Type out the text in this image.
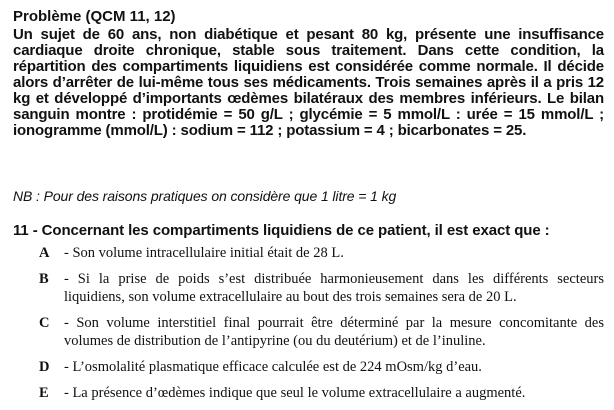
Problème (QCM 11, 12)
Un sujet de 60 ans, non diabétique et pesant 80 kg, présente une insuffisance cardiaque droite chronique, stable sous traitement. Dans cette condition, la répartition des compartiments liquidiens est considérée comme normale. Il décide alors d’arrêter de lui-même tous ses médicaments. Trois semaines après il a pris 12 kg et développé d’importants œdèmes bilatéraux des membres inférieurs. Le bilan sanguin montre : protidémie = 50 g/L ; glycémie = 5 mmol/L : urée = 15 mmol/L ; ionogramme (mmol/L) : sodium = 112 ; potassium = 4 ; bicarbonates = 25.
NB : Pour des raisons pratiques on considère que 1 litre = 1 kg
11 - Concernant les compartiments liquidiens de ce patient, il est exact que :
A - Son volume intracellulaire initial était de 28 L.
B - Si la prise de poids s’est distribuée harmonieusement dans les différents secteurs liquidiens, son volume extracellulaire au bout des trois semaines sera de 20 L.
C - Son volume interstitiel final pourrait être déterminé par la mesure concomitante des volumes de distribution de l’antipyrine (ou du deutérium) et de l’inuline.
D - L’osmolalité plasmatique efficace calculée est de 224 mOsm/kg d’eau.
E - La présence d’œdèmes indique que seul le volume extracellulaire a augmenté.
